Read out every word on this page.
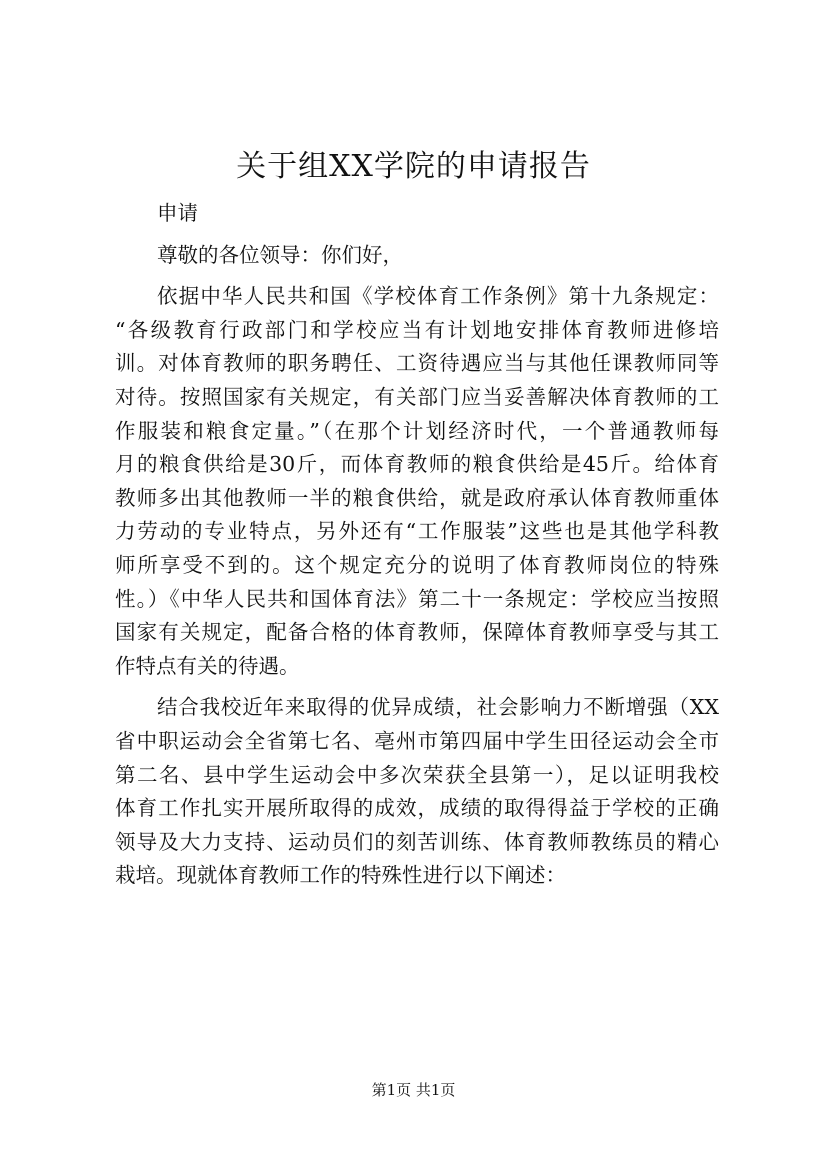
关于组XX学院的申请报告
申请
尊敬的各位领导：你们好，
依据中华人民共和国《学校体育工作条例》第十九条规定：
“各级教育行政部门和学校应当有计划地安排体育教师进修培
训。对体育教师的职务聘任、工资待遇应当与其他任课教师同等
对待。按照国家有关规定，有关部门应当妥善解决体育教师的工
作服装和粮食定量。”（在那个计划经济时代，一个普通教师每
月的粮食供给是30斤，而体育教师的粮食供给是45斤。给体育
教师多出其他教师一半的粮食供给，就是政府承认体育教师重体
力劳动的专业特点，另外还有“工作服装”这些也是其他学科教
师所享受不到的。这个规定充分的说明了体育教师岗位的特殊
性。）《中华人民共和国体育法》第二十一条规定：学校应当按照
国家有关规定，配备合格的体育教师，保障体育教师享受与其工
作特点有关的待遇。
结合我校近年来取得的优异成绩，社会影响力不断增强（XX
省中职运动会全省第七名、亳州市第四届中学生田径运动会全市
第二名、县中学生运动会中多次荣获全县第一），足以证明我校
体育工作扎实开展所取得的成效，成绩的取得得益于学校的正确
领导及大力支持、运动员们的刻苦训练、体育教师教练员的精心
栽培。现就体育教师工作的特殊性进行以下阐述：
第1页 共1页
